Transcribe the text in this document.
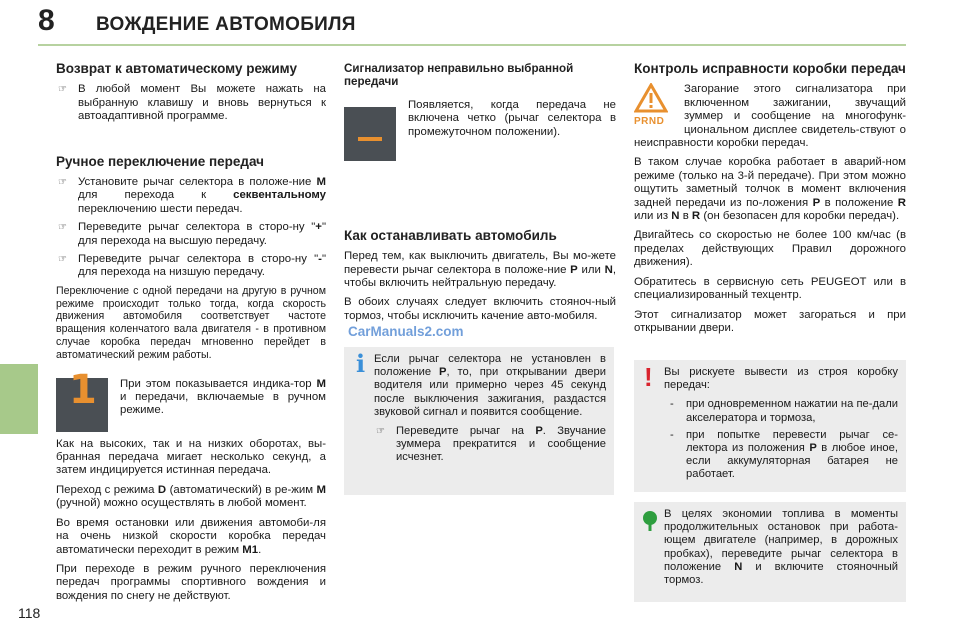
8 ВОЖДЕНИЕ АВТОМОБИЛЯ
Возврат к автоматическому режиму
☞ В любой момент Вы можете нажать на выбранную клавишу и вновь вернуться к автоадаптивной программе.
Ручное переключение передач
☞ Установите рычаг селектора в положе-ние M для перехода к секвентальному переключению шести передач.
☞ Переведите рычаг селектора в сторо-ну "+" для перехода на высшую передачу.
☞ Переведите рычаг селектора в сторо-ну "-" для перехода на низшую передачу.

Переключение с одной передачи на другую в ручном режиме происходит только тогда, когда скорость движения автомобиля соответствует частоте вращения коленчатого вала двигателя - в противном случае коробка передач мгновенно перейдет в автоматический режим работы.

1	При этом показывается индика-тор M и передачи, включаемые в ручном режиме.

Как на высоких, так и на низких оборотах, вы-бранная передача мигает несколько секунд, а затем индицируется истинная передача.

Переход с режима D (автоматический) в ре-жим M (ручной) можно осуществлять в любой момент.

Во время остановки или движения автомоби-ля на очень низкой скорости коробка передач автоматически переходит в режим M1.

При переходе в режим ручного переключения передач программы спортивного вождения и вождения по снегу не действуют.

Сигнализатор неправильно выбранной передачи

Появляется, когда передача не включена четко (рычаг селектора в промежуточном положении).

Как останавливать автомобиль

Перед тем, как выключить двигатель, Вы мо-жете перевести рычаг селектора в положе-ние P или N, чтобы включить нейтральную передачу.

В обоих случаях следует включить стояноч-ный тормоз, чтобы исключить качение авто-мобиля.

CarManuals2.com
i Если рычаг селектора не установлен в положение P, то, при открывании двери водителя или примерно через 45 секунд после выключения зажигания, раздастся звуковой сигнал и появится сообщение.

☞ Переведите рычаг на P. Звучание зуммера прекратится и сообщение исчезнет.
Контроль исправности коробки передач
PRND

Загорание этого сигнализатора при включенном зажигании, звучащий зуммер и сообщение на многофунк-циональном дисплее свидетель-ствуют о неисправности коробки передач.

В таком случае коробка работает в аварий-ном режиме (только на 3-й передаче). При этом можно ощутить заметный толчок в момент включения задней передачи из по-ложения P в положение R или из N в R (он безопасен для коробки передач).

Двигайтесь со скоростью не более 100 км/час (в пределах действующих Правил дорожного движения).

Обратитесь в сервисную сеть PEUGEOT или в специализированный техцентр.

Этот сигнализатор может загораться и при открывании двери.

! Вы рискуете вывести из строя коробку передач:

- при одновременном нажатии на пе-дали акселератора и тормоза,
- при попытке перевести рычаг се-лектора из положения P в любое иное, если аккумуляторная батарея не работает.

В целях экономии топлива в моменты продолжительных остановок при работа-ющем двигателе (например, в дорожных пробках), переведите рычаг селектора в положение N и включите стояночный тормоз.

118
